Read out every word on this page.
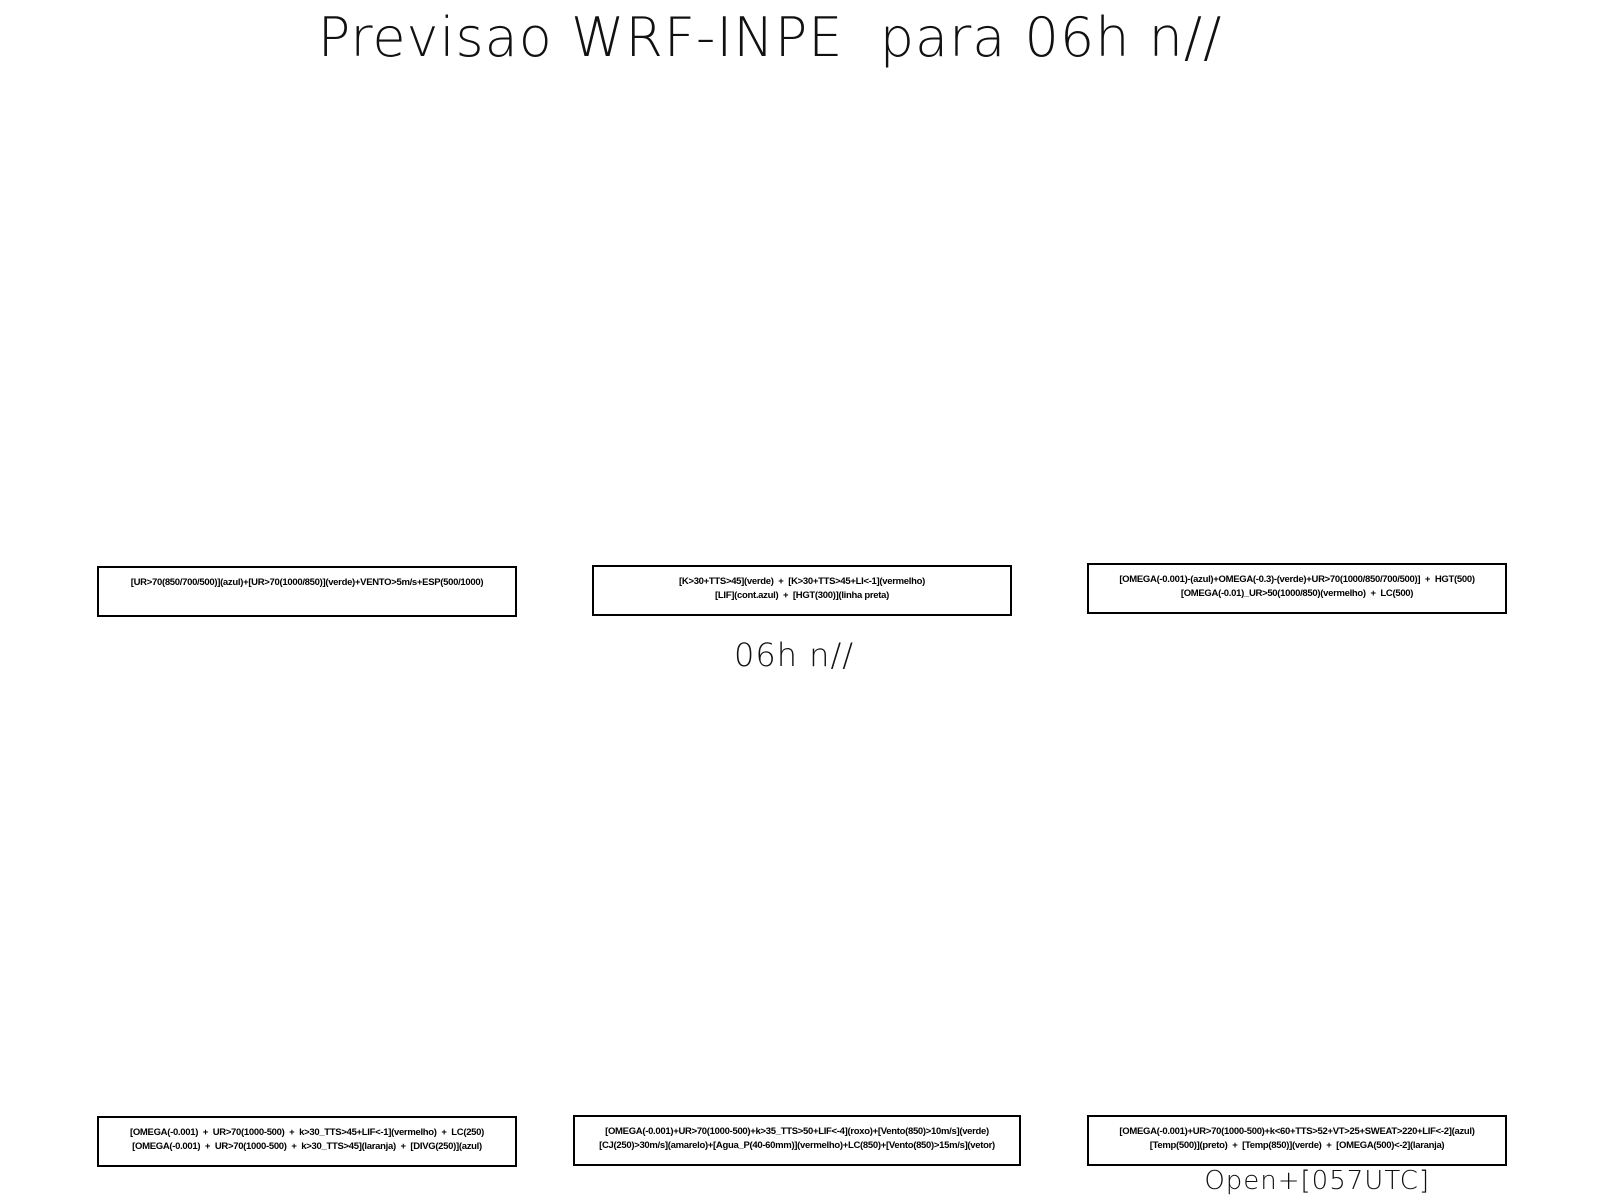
Previsao WRF-INPE  para 06h n//
[UR>70(850/700/500)](azul)+[UR>70(1000/850)](verde)+VENTO>5m/s+ESP(500/1000)	[K>30+TTS>45](verde)  +  [K>30+TTS>45+LI<-1](vermelho)
[LIF](cont.azul)  +  [HGT(300)](linha preta)
[OMEGA(-0.001)-(azul)+OMEGA(-0.3)-(verde)+UR>70(1000/850/700/500)]  +  HGT(500)
[OMEGA(-0.01)_UR>50(1000/850)(vermelho)  +  LC(500)
06h n//
[OMEGA(-0.001)  +  UR>70(1000-500)  +  k>30_TTS>45+LIF<-1](vermelho)  +  LC(250)
[OMEGA(-0.001)  +  UR>70(1000-500)  +  k>30_TTS>45](laranja)  +  [DIVG(250)](azul)
[OMEGA(-0.001)+UR>70(1000-500)+k>35_TTS>50+LIF<-4](roxo)+[Vento(850)>10m/s](verde)
[CJ(250)>30m/s](amarelo)+[Agua_P(40-60mm)](vermelho)+LC(850)+[Vento(850)>15m/s](vetor)
[OMEGA(-0.001)+UR>70(1000-500)+k<60+TTS>52+VT>25+SWEAT>220+LIF<-2](azul)
[Temp(500)](preto)  +  [Temp(850)](verde)  +  [OMEGA(500)<-2](laranja)
Open+[057UTC]
